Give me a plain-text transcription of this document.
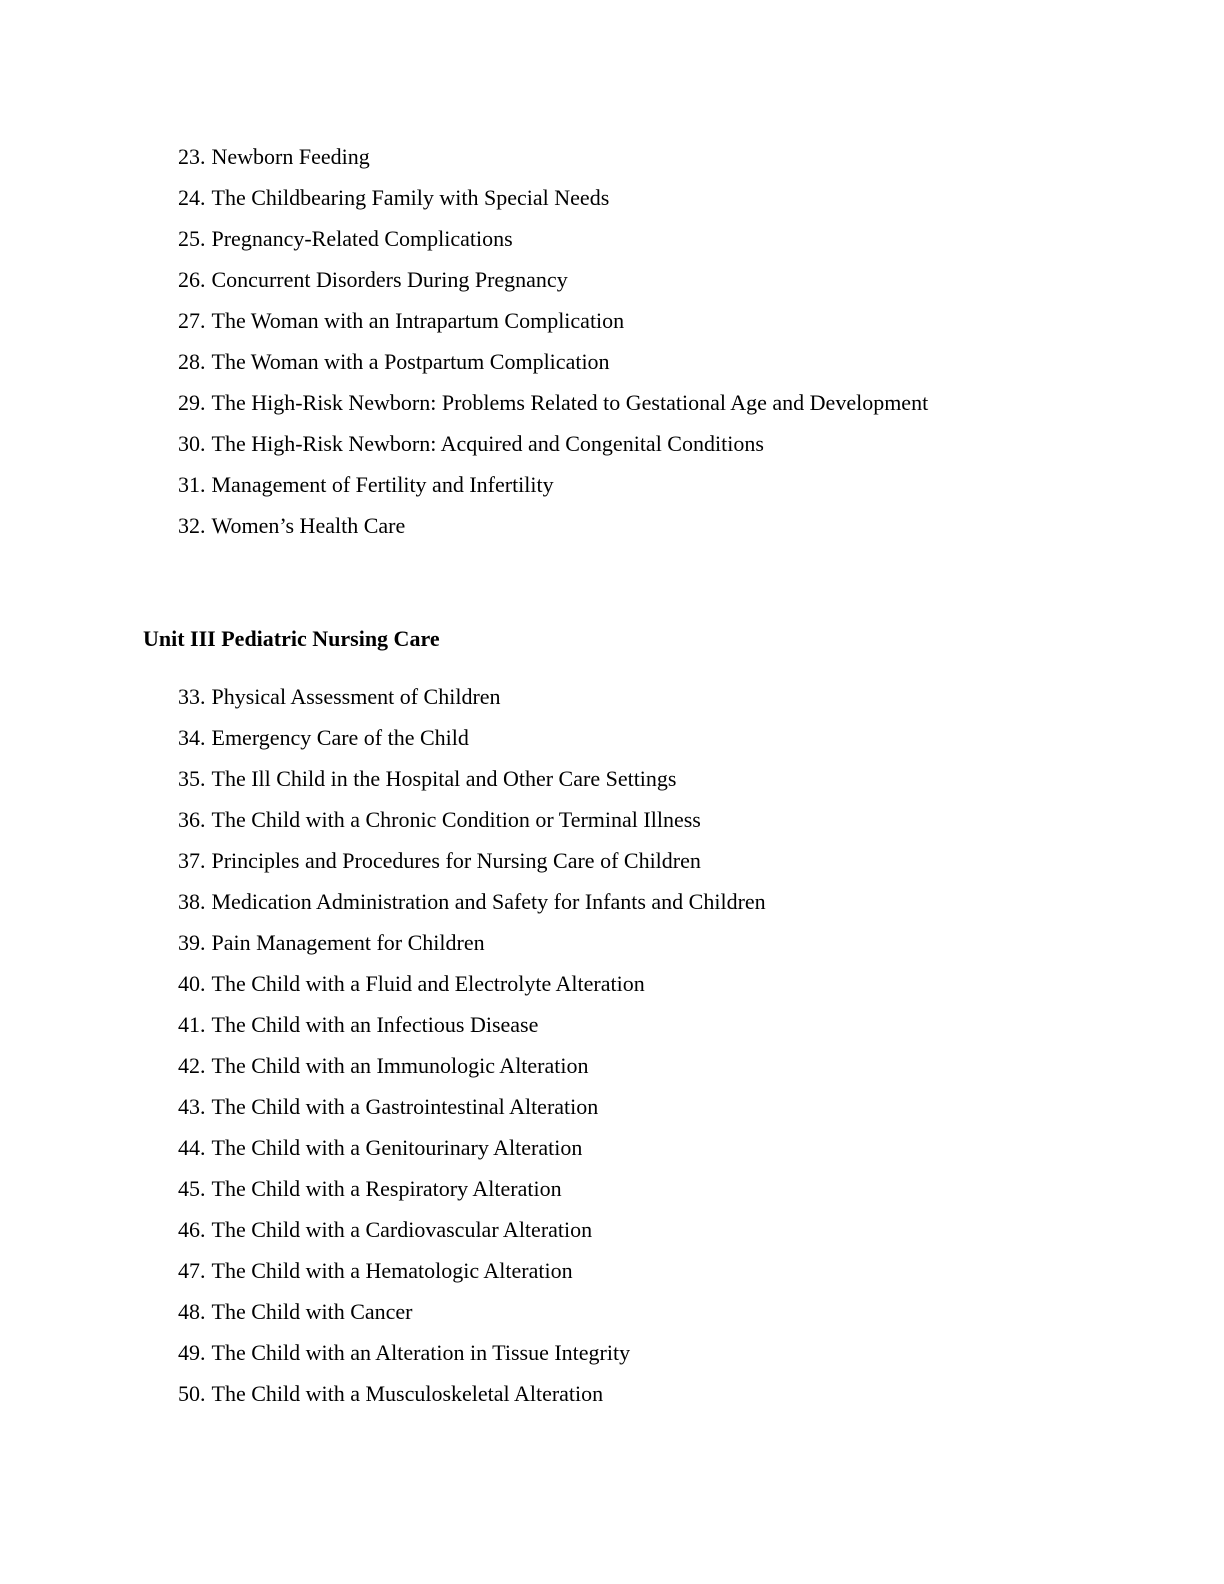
23. Newborn Feeding
24. The Childbearing Family with Special Needs
25. Pregnancy-Related Complications
26. Concurrent Disorders During Pregnancy
27. The Woman with an Intrapartum Complication
28. The Woman with a Postpartum Complication
29. The High-Risk Newborn: Problems Related to Gestational Age and Development
30. The High-Risk Newborn: Acquired and Congenital Conditions
31. Management of Fertility and Infertility
32. Women’s Health Care
Unit III Pediatric Nursing Care
33. Physical Assessment of Children
34. Emergency Care of the Child
35. The Ill Child in the Hospital and Other Care Settings
36. The Child with a Chronic Condition or Terminal Illness
37. Principles and Procedures for Nursing Care of Children
38. Medication Administration and Safety for Infants and Children
39. Pain Management for Children
40. The Child with a Fluid and Electrolyte Alteration
41. The Child with an Infectious Disease
42. The Child with an Immunologic Alteration
43. The Child with a Gastrointestinal Alteration
44. The Child with a Genitourinary Alteration
45. The Child with a Respiratory Alteration
46. The Child with a Cardiovascular Alteration
47. The Child with a Hematologic Alteration
48. The Child with Cancer
49. The Child with an Alteration in Tissue Integrity
50. The Child with a Musculoskeletal Alteration
